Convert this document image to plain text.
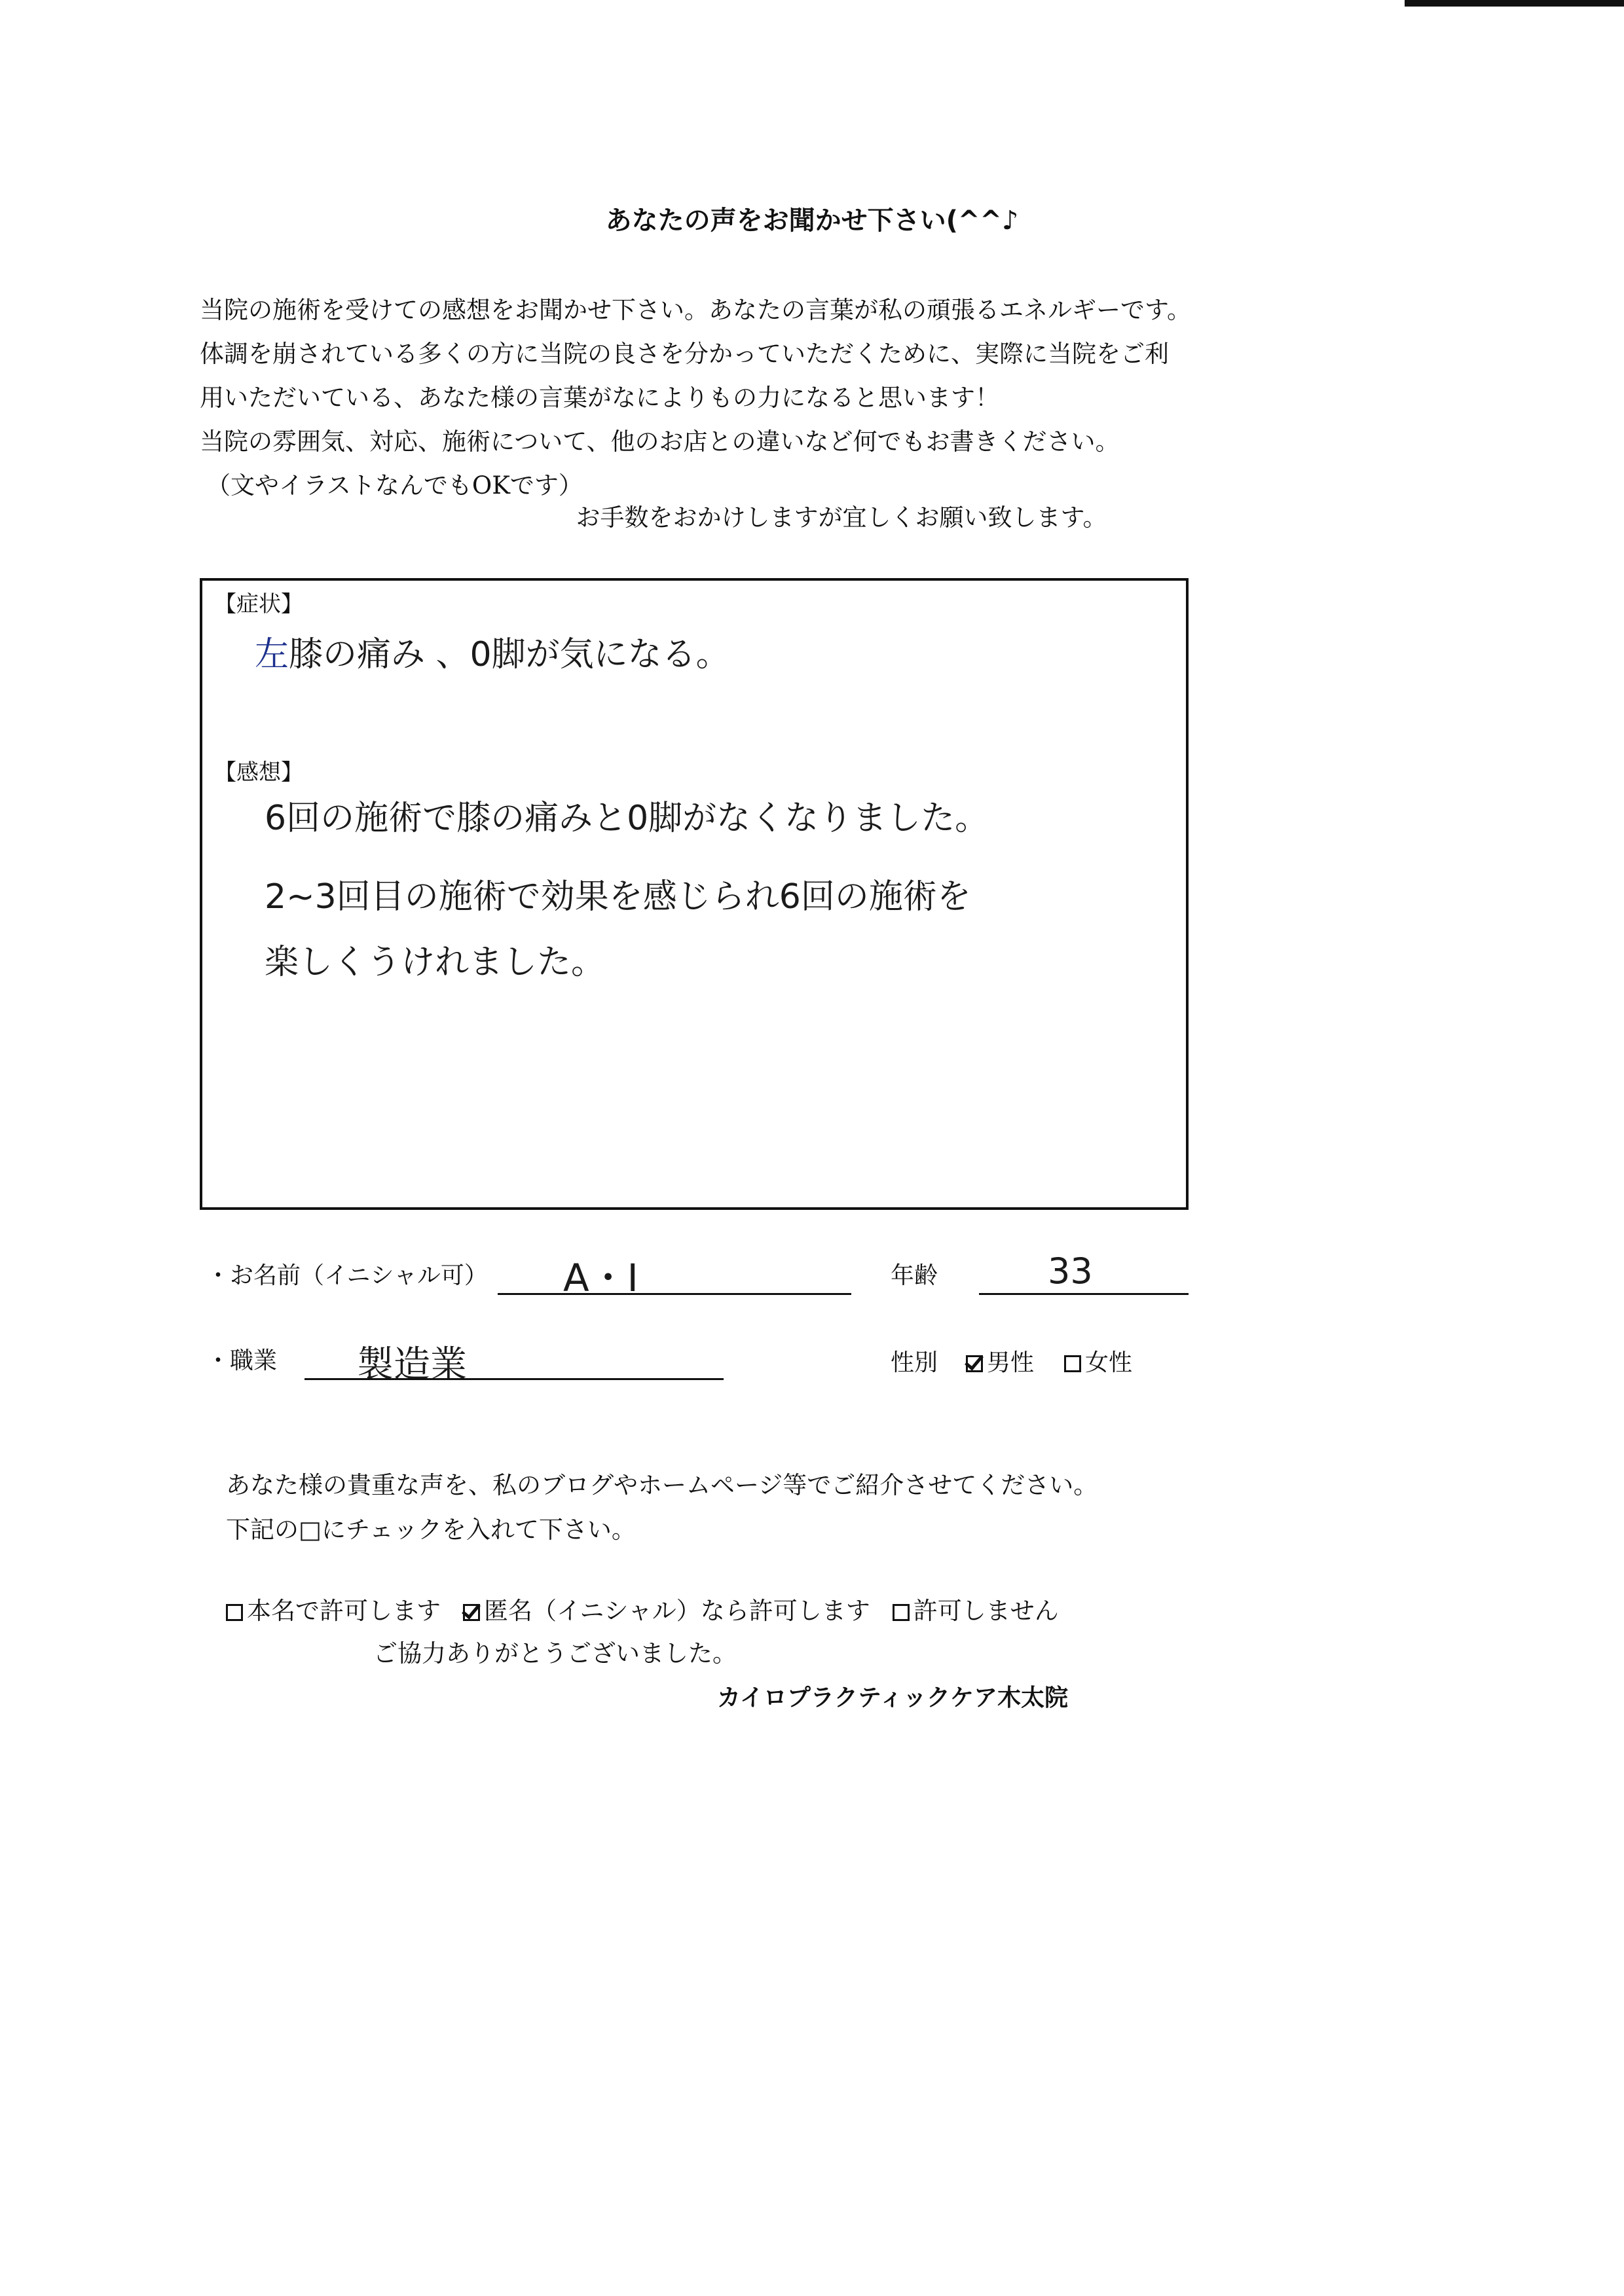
あなたの声をお聞かせ下さい(^^♪
当院の施術を受けての感想をお聞かせ下さい。あなたの言葉が私の頑張るエネルギーです。
体調を崩されている多くの方に当院の良さを分かっていただくために、実際に当院をご利
用いただいている、あなた様の言葉がなによりもの力になると思います！
当院の雰囲気、対応、施術について、他のお店との違いなど何でもお書きください。
（文やイラストなんでもOKです）
お手数をおかけしますが宜しくお願い致します。
【症状】
左膝の痛み 、0脚が気になる。
【感想】
6回の施術で膝の痛みと0脚がなくなりました。
2~3回目の施術で効果を感じられ6回の施術を
楽しくうけれました。
・お名前（イニシャル可） A・I	年齢	33
・職業 製造業	性別	男性	女性
あなた様の貴重な声を、私のブログやホームページ等でご紹介させてください。
下記の□にチェックを入れて下さい。
本名で許可します 匿名（イニシャル）なら許可します 許可しません
ご協力ありがとうございました。
カイロプラクティックケア木太院
